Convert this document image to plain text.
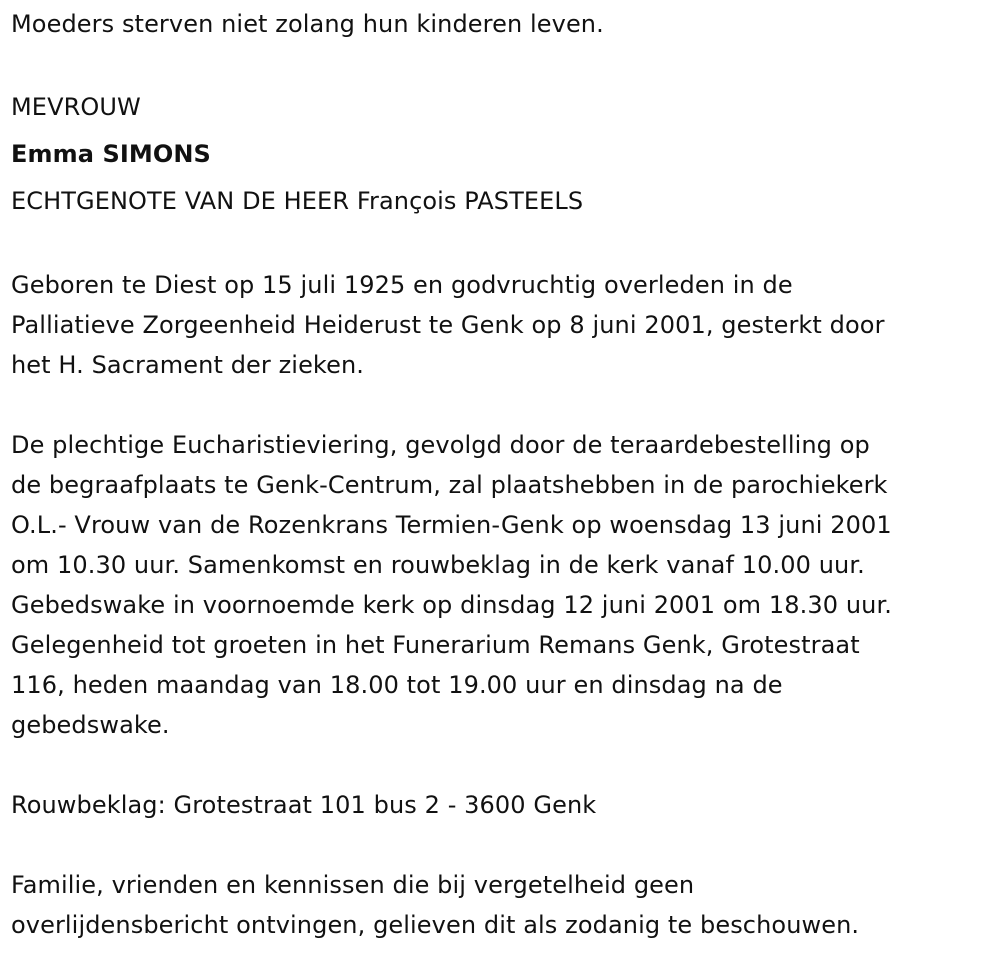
Moeders sterven niet zolang hun kinderen leven.
MEVROUW
Emma SIMONS
ECHTGENOTE VAN DE HEER François PASTEELS
Geboren te Diest op 15 juli 1925 en godvruchtig overleden in de
Palliatieve Zorgeenheid Heiderust te Genk op 8 juni 2001, gesterkt door
het H. Sacrament der zieken.
De plechtige Eucharistieviering, gevolgd door de teraardebestelling op
de begraafplaats te Genk-Centrum, zal plaatshebben in de parochiekerk
O.L.- Vrouw van de Rozenkrans Termien-Genk op woensdag 13 juni 2001
om 10.30 uur. Samenkomst en rouwbeklag in de kerk vanaf 10.00 uur.
Gebedswake in voornoemde kerk op dinsdag 12 juni 2001 om 18.30 uur.
Gelegenheid tot groeten in het Funerarium Remans Genk, Grotestraat
116, heden maandag van 18.00 tot 19.00 uur en dinsdag na de
gebedswake.
Rouwbeklag: Grotestraat 101 bus 2 - 3600 Genk
Familie, vrienden en kennissen die bij vergetelheid geen
overlijdensbericht ontvingen, gelieven dit als zodanig te beschouwen.
